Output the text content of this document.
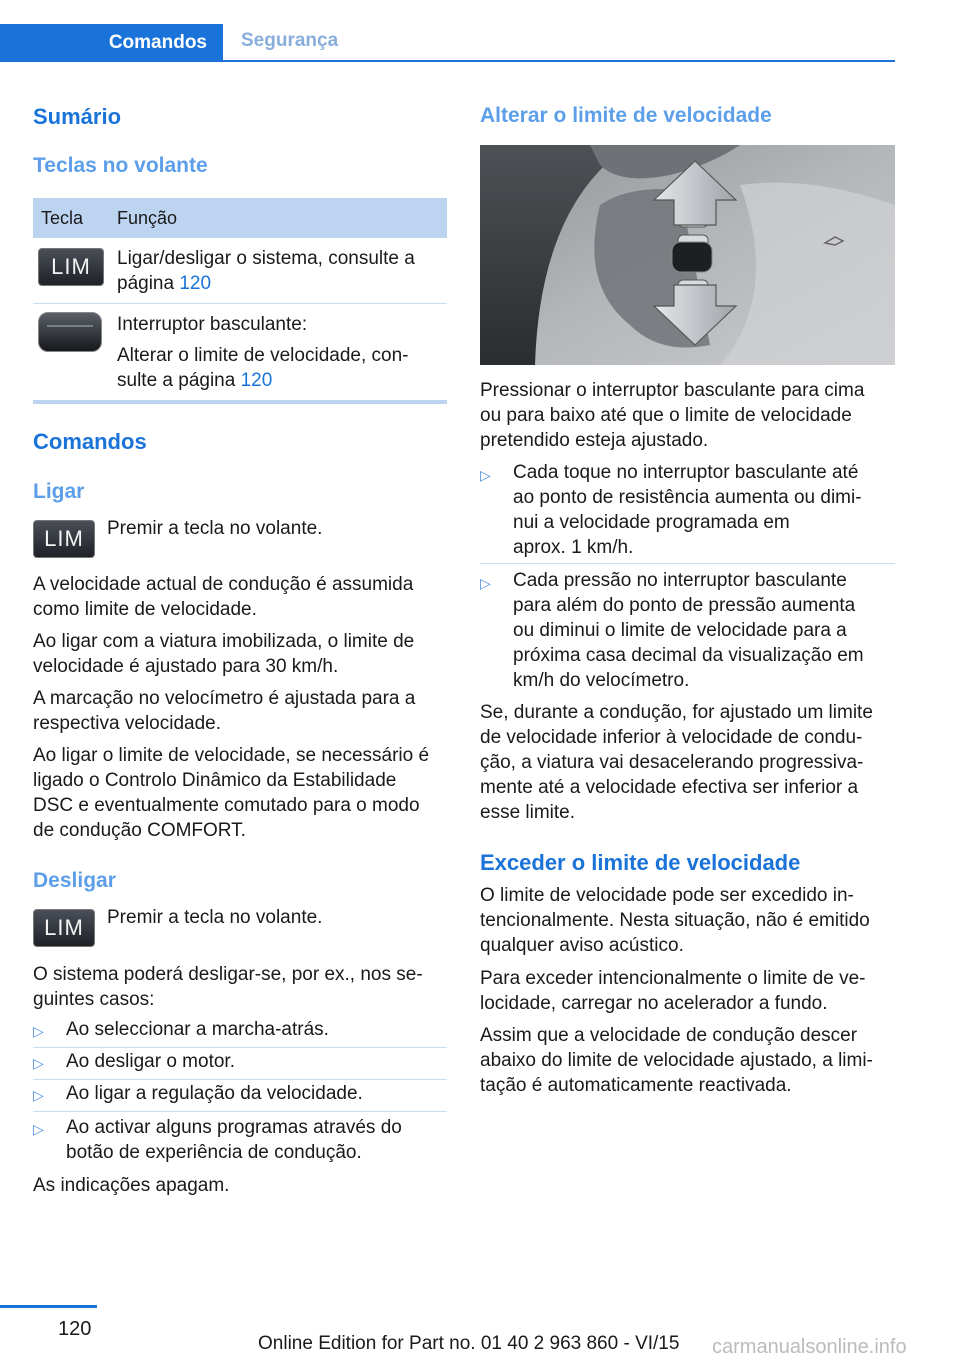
Comandos Segurança
Sumário
Teclas no volante
Tecla Função
LIM Ligar/desligar o sistema, consulte a
página 120
Interruptor basculante:
Alterar o limite de velocidade, con-
sulte a página 120
Comandos
Ligar
LIM Premir a tecla no volante.
A velocidade actual de condução é assumida
como limite de velocidade.
Ao ligar com a viatura imobilizada, o limite de
velocidade é ajustado para 30 km/h.
A marcação no velocímetro é ajustada para a
respectiva velocidade.
Ao ligar o limite de velocidade, se necessário é
ligado o Controlo Dinâmico da Estabilidade
DSC e eventualmente comutado para o modo
de condução COMFORT.
Desligar
LIM Premir a tecla no volante.
O sistema poderá desligar-se, por ex., nos se-
guintes casos:
▷ Ao seleccionar a marcha-atrás.
▷ Ao desligar o motor.
▷ Ao ligar a regulação da velocidade.
▷ Ao activar alguns programas através do
botão de experiência de condução.
As indicações apagam.
Alterar o limite de velocidade
Pressionar o interruptor basculante para cima
ou para baixo até que o limite de velocidade
pretendido esteja ajustado.
▷ Cada toque no interruptor basculante até
ao ponto de resistência aumenta ou dimi-
nui a velocidade programada em
aprox. 1 km/h.
▷ Cada pressão no interruptor basculante
para além do ponto de pressão aumenta
ou diminui o limite de velocidade para a
próxima casa decimal da visualização em
km/h do velocímetro.
Se, durante a condução, for ajustado um limite
de velocidade inferior à velocidade de condu-
ção, a viatura vai desacelerando progressiva-
mente até a velocidade efectiva ser inferior a
esse limite.
Exceder o limite de velocidade
O limite de velocidade pode ser excedido in-
tencionalmente. Nesta situação, não é emitido
qualquer aviso acústico.
Para exceder intencionalmente o limite de ve-
locidade, carregar no acelerador a fundo.
Assim que a velocidade de condução descer
abaixo do limite de velocidade ajustado, a limi-
tação é automaticamente reactivada.
120
Online Edition for Part no. 01 40 2 963 860 - VI/15 carmanualsonline.info
